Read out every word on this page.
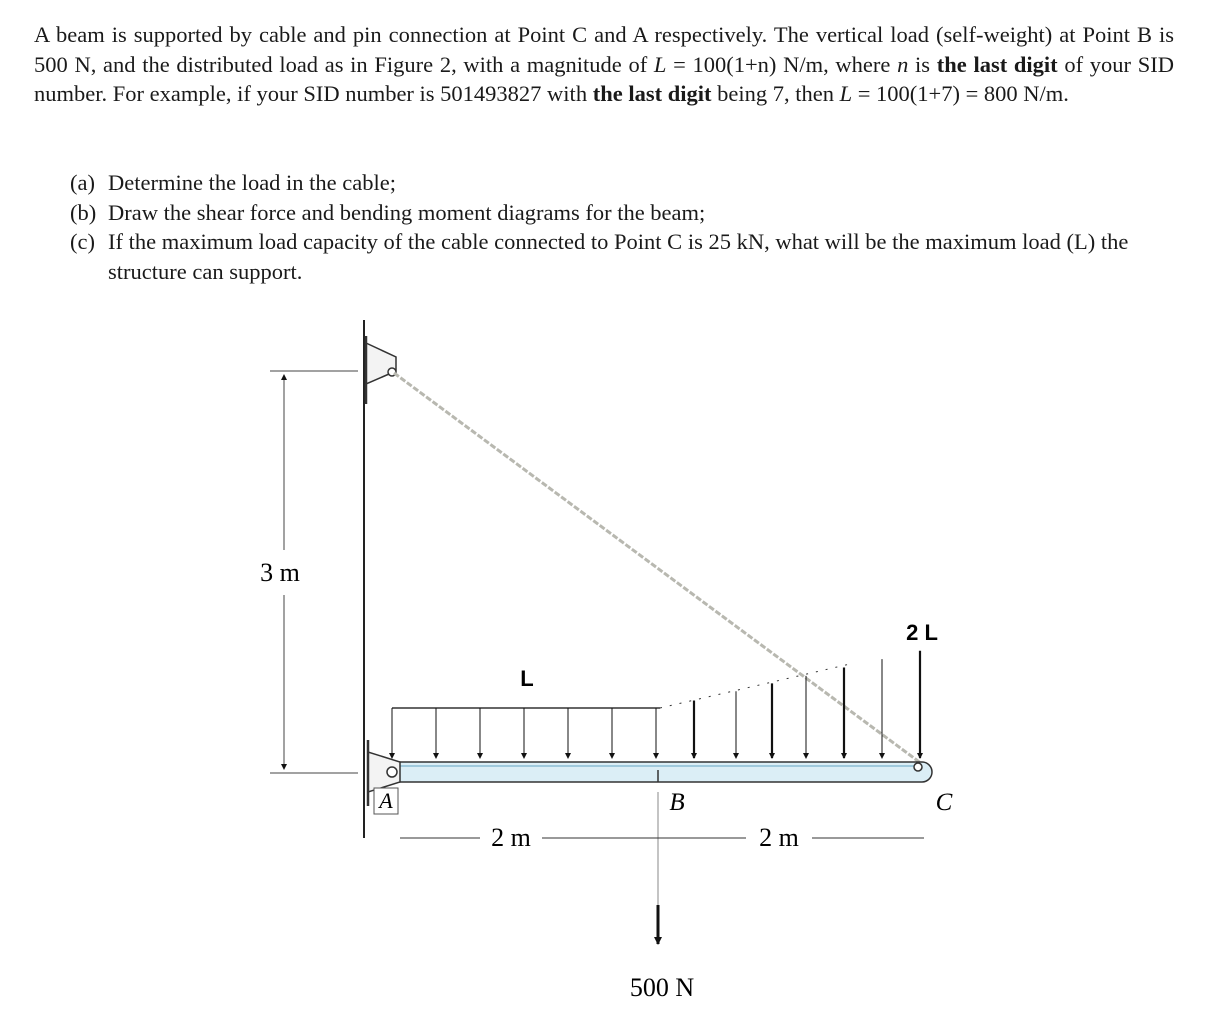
A beam is supported by cable and pin connection at Point C and A respectively. The vertical load (self-weight) at Point B is 500 N, and the distributed load as in Figure 2, with a magnitude of L = 100(1+n) N/m, where n is the last digit of your SID number. For example, if your SID number is 501493827 with the last digit being 7, then L = 100(1+7) = 800 N/m.

(a) Determine the load in the cable;
(b) Draw the shear force and bending moment diagrams for the beam;
(c) If the maximum load capacity of the cable connected to Point C is 25 kN, what will be the maximum load (L) the structure can support.
3 m
L
2 L
A	B	C
500 N
2 m	2 m
